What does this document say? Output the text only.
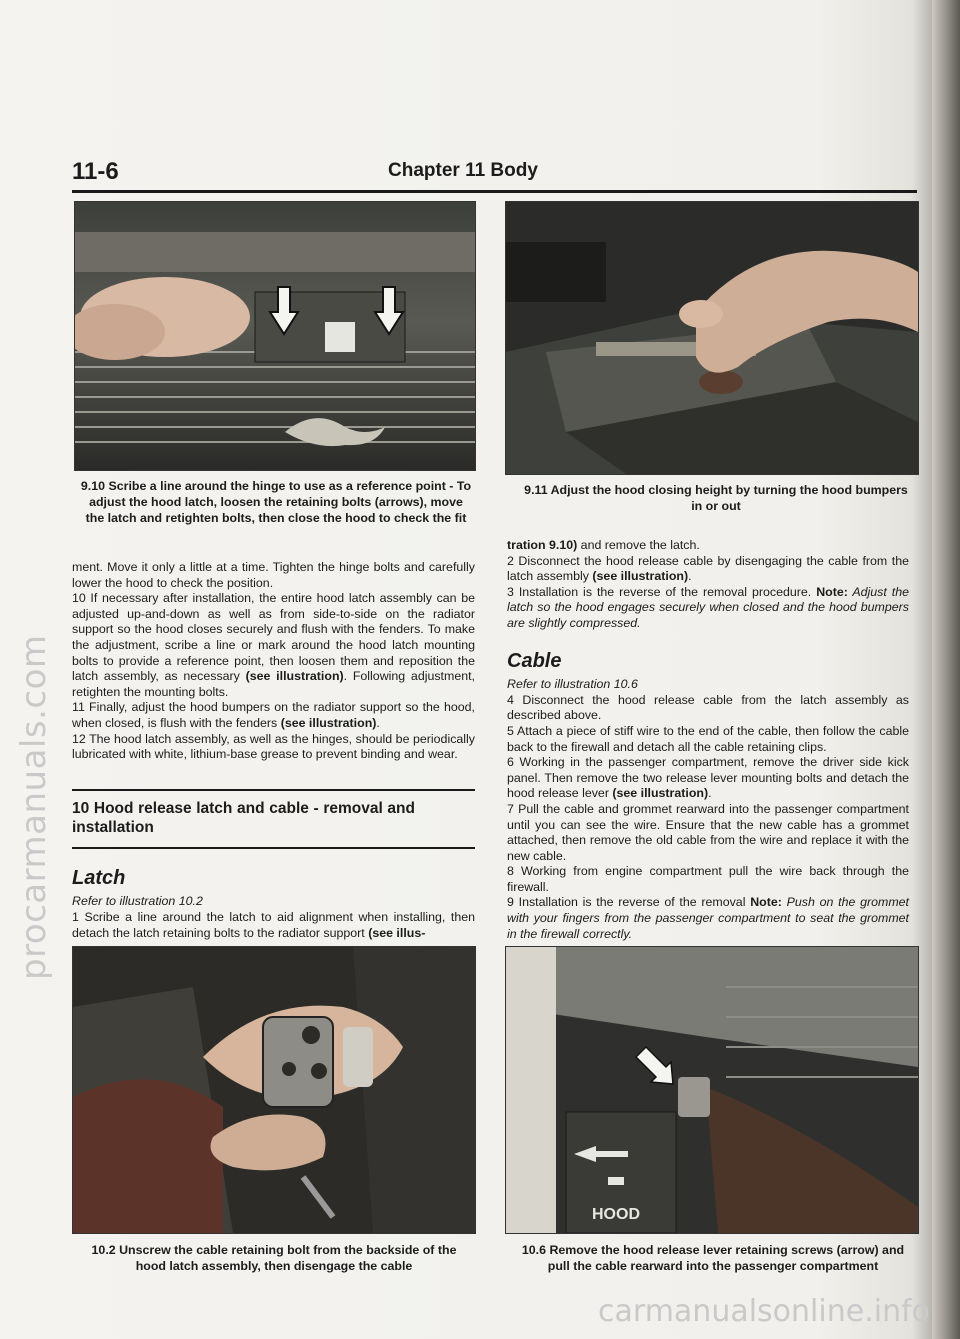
11-6	Chapter 11 Body
9.10 Scribe a line around the hinge to use as a reference point - To adjust the hood latch, loosen the retaining bolts (arrows), move the latch and retighten bolts, then close the hood to check the fit
9.11 Adjust the hood closing height by turning the hood bumpers in or out

ment. Move it only a little at a time. Tighten the hinge bolts and carefully lower the hood to check the position.

10 If necessary after installation, the entire hood latch assembly can be adjusted up-and-down as well as from side-to-side on the radiator support so the hood closes securely and flush with the fenders. To make the adjustment, scribe a line or mark around the hood latch mounting bolts to provide a reference point, then loosen them and reposition the latch assembly, as necessary (see illustration). Following adjustment, retighten the mounting bolts.

11 Finally, adjust the hood bumpers on the radiator support so the hood, when closed, is flush with the fenders (see illustration).

12 The hood latch assembly, as well as the hinges, should be periodically lubricated with white, lithium-base grease to prevent binding and wear.

10 Hood release latch and cable - removal and installation
Latch

Refer to illustration 10.2

1 Scribe a line around the latch to aid alignment when installing, then detach the latch retaining bolts to the radiator support (see illus-

tration 9.10) and remove the latch.

2 Disconnect the hood release cable by disengaging the cable from the latch assembly (see illustration).

3 Installation is the reverse of the removal procedure. Note: Adjust the latch so the hood engages securely when closed and the hood bumpers are slightly compressed.

Cable

Refer to illustration 10.6

4 Disconnect the hood release cable from the latch assembly as described above.

5 Attach a piece of stiff wire to the end of the cable, then follow the cable back to the firewall and detach all the cable retaining clips.

6 Working in the passenger compartment, remove the driver side kick panel. Then remove the two release lever mounting bolts and detach the hood release lever (see illustration).

7 Pull the cable and grommet rearward into the passenger compartment until you can see the wire. Ensure that the new cable has a grommet attached, then remove the old cable from the wire and replace it with the new cable.

8 Working from engine compartment pull the wire back through the firewall.

9 Installation is the reverse of the removal Note: Push on the grommet with your fingers from the passenger compartment to seat the grommet in the firewall correctly.

10.2 Unscrew the cable retaining bolt from the backside of the hood latch assembly, then disengage the cable
HOOD
10.6 Remove the hood release lever retaining screws (arrow) and pull the cable rearward into the passenger compartment
procarmanuals.com
carmanualsonline.info
